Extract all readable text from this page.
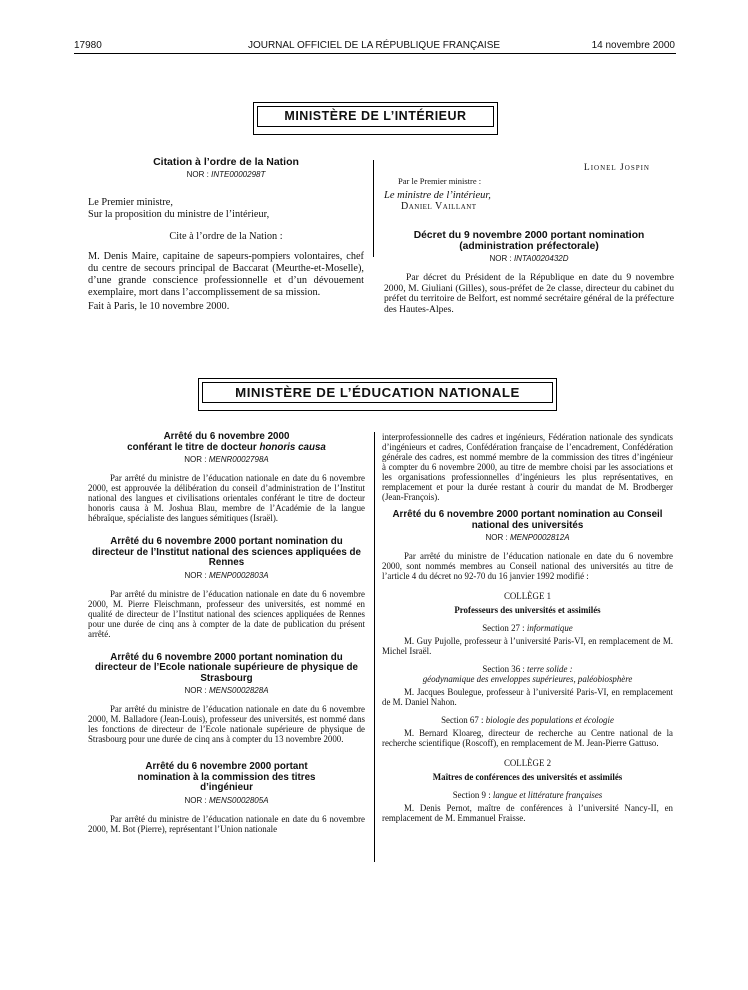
17980	JOURNAL OFFICIEL DE LA RÉPUBLIQUE FRANÇAISE	14 novembre 2000
MINISTÈRE DE L’INTÉRIEUR
Citation à l’ordre de la Nation
NOR : INTE0000298T
Le Premier ministre,
Sur la proposition du ministre de l’intérieur,
Cite à l’ordre de la Nation :

M. Denis Maire, capitaine de sapeurs-pompiers volontaires, chef du centre de secours principal de Baccarat (Meurthe-et-Moselle), d’une grande conscience professionnelle et d’un dévouement exemplaire, mort dans l’accomplissement de sa mission.

Fait à Paris, le 10 novembre 2000.
Lionel Jospin
Par le Premier ministre :
Le ministre de l’intérieur,
Daniel Vaillant
Décret du 9 novembre 2000 portant nomination (administration préfectorale)
NOR : INTA0020432D

Par décret du Président de la République en date du 9 novembre 2000, M. Giuliani (Gilles), sous-préfet de 2e classe, directeur du cabinet du préfet du territoire de Belfort, est nommé secrétaire général de la préfecture des Hautes-Alpes.

MINISTÈRE DE L’ÉDUCATION NATIONALE
Arrêté du 6 novembre 2000
conférant le titre de docteur honoris causa
NOR : MENR0002798A

Par arrêté du ministre de l’éducation nationale en date du 6 novembre 2000, est approuvée la délibération du conseil d’administration de l’Institut national des langues et civilisations orientales conférant le titre de docteur honoris causa à M. Joshua Blau, membre de l’Académie de la langue hébraïque, spécialiste des langues sémitiques (Israël).

Arrêté du 6 novembre 2000 portant nomination du directeur de l’Institut national des sciences appliquées de Rennes
NOR : MENP0002803A

Par arrêté du ministre de l’éducation nationale en date du 6 novembre 2000, M. Pierre Fleischmann, professeur des universités, est nommé en qualité de directeur de l’Institut national des sciences appliquées de Rennes pour une durée de cinq ans à compter de la date de publication du présent arrêté.

Arrêté du 6 novembre 2000 portant nomination du directeur de l’Ecole nationale supérieure de physique de Strasbourg
NOR : MENS0002828A

Par arrêté du ministre de l’éducation nationale en date du 6 novembre 2000, M. Balladore (Jean-Louis), professeur des universités, est nommé dans les fonctions de directeur de l’Ecole nationale supérieure de physique de Strasbourg pour une durée de cinq ans à compter du 13 novembre 2000.

Arrêté du 6 novembre 2000 portant nomination à la commission des titres d’ingénieur
NOR : MENS0002805A

Par arrêté du ministre de l’éducation nationale en date du 6 novembre 2000, M. Bot (Pierre), représentant l’Union nationale

interprofessionnelle des cadres et ingénieurs, Fédération nationale des syndicats d’ingénieurs et cadres, Confédération française de l’encadrement, Confédération générale des cadres, est nommé membre de la commission des titres d’ingénieur à compter du 6 novembre 2000, au titre de membre choisi par les associations et les organisations professionnelles d’ingénieurs les plus représentatives, en remplacement et pour la durée restant à courir du mandat de M. Brodberger (Jean-François).

Arrêté du 6 novembre 2000 portant nomination au Conseil national des universités
NOR : MENP0002812A

Par arrêté du ministre de l’éducation nationale en date du 6 novembre 2000, sont nommés membres au Conseil national des universités au titre de l’article 4 du décret no 92-70 du 16 janvier 1992 modifié :

COLLÈGE 1
Professeurs des universités et assimilés
Section 27 : informatique

M. Guy Pujolle, professeur à l’université Paris-VI, en remplacement de M. Michel Israël.

Section 36 : terre solide :
géodynamique des enveloppes supérieures, paléobiosphère

M. Jacques Boulegue, professeur à l’université Paris-VI, en remplacement de M. Daniel Nahon.

Section 67 : biologie des populations et écologie

M. Bernard Kloareg, directeur de recherche au Centre national de la recherche scientifique (Roscoff), en remplacement de M. Jean-Pierre Gattuso.

COLLÈGE 2
Maîtres de conférences des universités et assimilés
Section 9 : langue et littérature françaises

M. Denis Pernot, maître de conférences à l’université Nancy-II, en remplacement de M. Emmanuel Fraisse.
